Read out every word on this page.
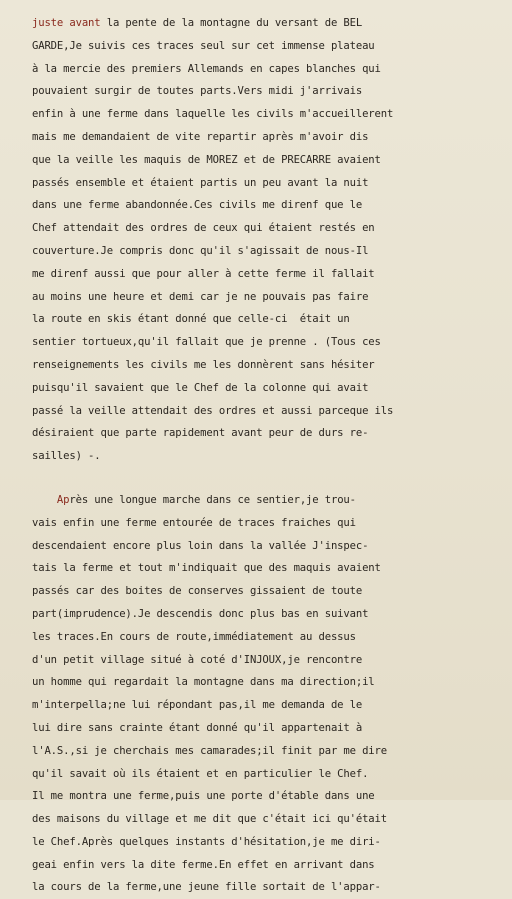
juste avant la pente de la montagne du versant de BEL
GARDE,Je suivis ces traces seul sur cet immense plateau
à la mercie des premiers Allemands en capes blanches qui
pouvaient surgir de toutes parts.Vers midi j'arrivais
enfin à une ferme dans laquelle les civils m'accueillerent
mais me demandaient de vite repartir après m'avoir dis
que la veille les maquis de MOREZ et de PRECARRE avaient
passés ensemble et étaient partis un peu avant la nuit
dans une ferme abandonnée.Ces civils me direnf que le
Chef attendait des ordres de ceux qui étaient restés en
couverture.Je compris donc qu'il s'agissait de nous-Il
me direnf aussi que pour aller à cette ferme il fallait
au moins une heure et demi car je ne pouvais pas faire
la route en skis étant donné que celle-ci  était un
sentier tortueux,qu'il fallait que je prenne . (Tous ces
renseignements les civils me les donnèrent sans hésiter
puisqu'il savaient que le Chef de la colonne qui avait
passé la veille attendait des ordres et aussi parceque ils
désiraient que parte rapidement avant peur de durs re-
sailles) -.
Après une longue marche dans ce sentier,je trou-
vais enfin une ferme entourée de traces fraiches qui
descendaient encore plus loin dans la vallée J'inspec-
tais la ferme et tout m'indiquait que des maquis avaient
passés car des boites de conserves gissaient de toute
part(imprudence).Je descendis donc plus bas en suivant
les traces.En cours de route,immédiatement au dessus
d'un petit village situé à coté d'INJOUX,je rencontre
un homme qui regardait la montagne dans ma direction;il
m'interpella;ne lui répondant pas,il me demanda de le
lui dire sans crainte étant donné qu'il appartenait à
l'A.S.,si je cherchais mes camarades;il finit par me dire
qu'il savait où ils étaient et en particulier le Chef.
Il me montra une ferme,puis une porte d'étable dans une
des maisons du village et me dit que c'était ici qu'était
le Chef.Après quelques instants d'hésitation,je me diri-
geai enfin vers la dite ferme.En effet en arrivant dans
la cours de la ferme,une jeune fille sortait de l'appar-
